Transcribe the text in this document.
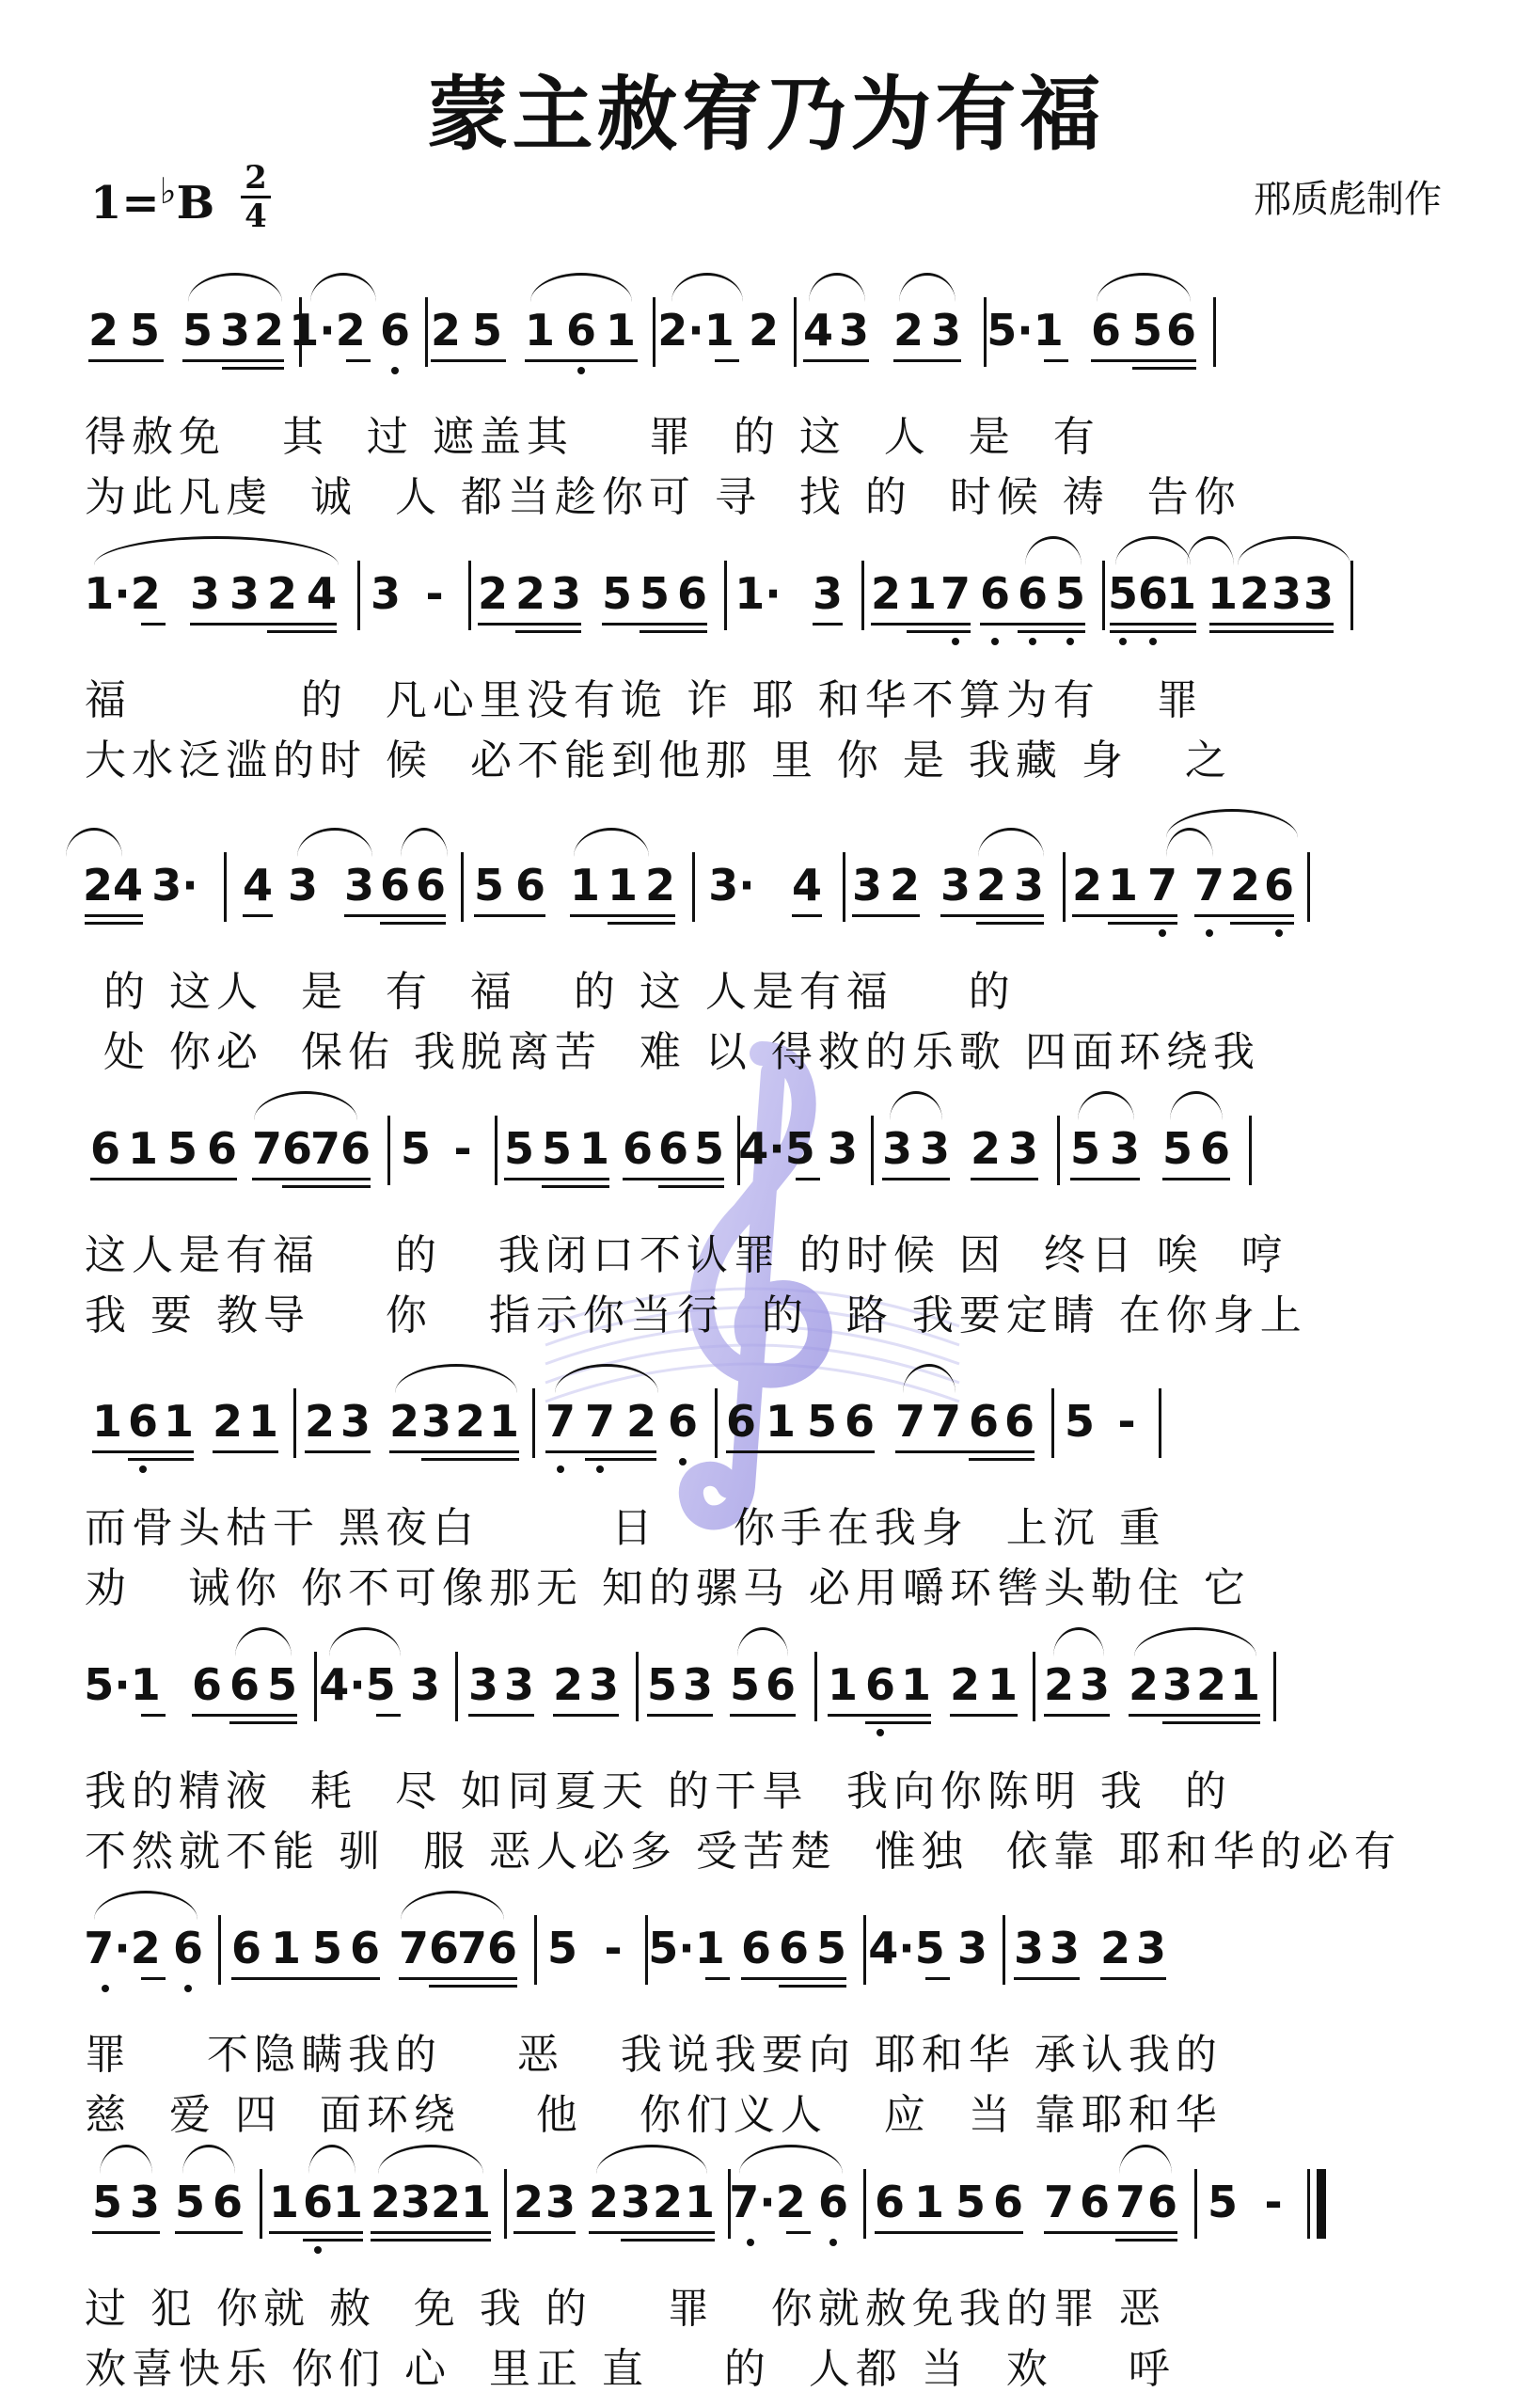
蒙主赦宥乃为有福
1=♭B 2
4	邢质彪制作
2 5 5 3 2 1·2 6 2 5 1 6 1 2·1 2 4 3 2 3 5·1 6 5 6
得赦免   其  过 遮盖其    罪  的 这  人  是  有
为此凡虔  诚  人 都当趁你可 寻  找 的  时候 祷  告你
1·2 3 3 2 4 3 - 2 2 3 5 5 6 1· 3 2 1 7 6 6 5 5 6
1 1 2 3 3
福         的  凡心里没有诡 诈 耶 和华不算为有   罪
大水泛滥的时 候  必不能到他那 里 你 是 我藏 身   之
2 4 3· 4 3 3 6 6 5 6 1 1 2 3· 4 3 2 3 2 3 2 1 7 7 2 6
的 这人  是  有  福   的 这 人是有福    的
处 你必  保佑 我脱离苦  难 以 得救的乐歌 四面环绕我
6 1 5 6 7 6
7 6 5 - 5 5 1 6 6 5 4·5 3 3 3 2 3 5 3 5 6
这人是有福    的   我闭口不认罪 的时候 因  终日 唉  哼
我 要 教导    你   指示你当行  的  路 我要定睛 在你身上
1 6 1 2 1 2 3 2 3 2 1 7 7 2 6 6 1 5 6 7 7 6 6 5 -
而骨头枯干 黑夜白       日    你手在我身  上沉 重
劝   诫你 你不可像那无 知的骡马 必用嚼环辔头勒住 它
5·1 6 6 5 4·5 3 3 3 2 3 5 3 5 6 1 6 1 2 1 2 3 2 3 2 1
我的精液  耗  尽 如同夏天 的干旱  我向你陈明 我  的
不然就不能 驯  服 恶人必多 受苦楚  惟独  依靠 耶和华的必有
7·2 6 6 1 5 6 7 6
7 6 5 - 5·1 6 6 5 4·5 3 3 3 2 3
罪    不隐瞒我的    恶   我说我要向 耶和华 承认我的
慈  爱 四  面环绕    他   你们义人   应  当 靠耶和华
5 3 5 6 1 6 1 2 3 2 1 2 3 2 3 2 1 7·2 6 6 1 5 6 7 6 7 6 5 -
过 犯 你就 赦  免 我 的    罪   你就赦免我的罪 恶
欢喜快乐 你们 心  里正 直    的  人都 当  欢    呼
